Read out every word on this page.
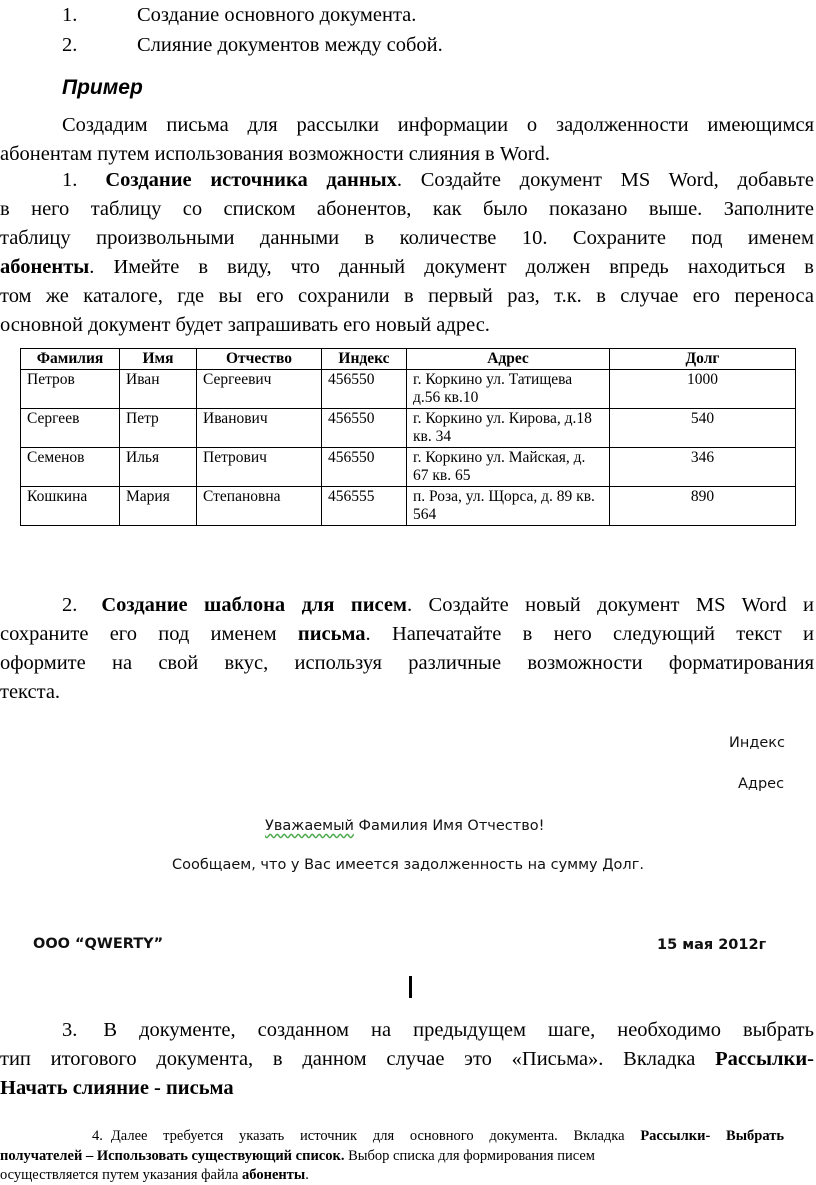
1.	Создание основного документа.
2.	Слияние документов между собой.
Пример
Создадим письма для рассылки информации о задолженности имеющимся
абонентам путем использования возможности слияния в Word.
1. Создание источника данных. Создайте документ MS Word, добавьте
в него таблицу со списком абонентов, как было показано выше. Заполните
таблицу произвольными данными в количестве 10. Сохраните под именем
абоненты. Имейте в виду, что данный документ должен впредь находиться в
том же каталоге, где вы его сохранили в первый раз, т.к. в случае его переноса
основной документ будет запрашивать его новый адрес.
Фамилия	Имя	Отчество	Индекс	Адрес	Долг
Петров	Иван	Сергеевич	456550	г. Коркино ул. Татищева д.56 кв.10	1000
Сергеев	Петр	Иванович	456550	г. Коркино ул. Кирова, д.18 кв. 34	540
Семенов	Илья	Петрович	456550	г. Коркино ул. Майская, д. 67 кв. 65	346
Кошкина	Мария	Степановна	456555	п. Роза, ул. Щорса, д. 89 кв. 564	890
2. Создание шаблона для писем. Создайте новый документ MS Word и
сохраните его под именем письма. Напечатайте в него следующий текст и
оформите на свой вкус, используя различные возможности форматирования
текста.
Индекс
Адрес
Уважаемый Фамилия Имя Отчество!
Сообщаем, что у Вас имеется задолженность на сумму Долг.
ООО “QWERTY”	15 мая 2012г
3. В документе, созданном на предыдущем шаге, необходимо выбрать
тип итогового документа, в данном случае это «Письма». Вкладка Рассылки-
Начать слияние - письма
4. Далее требуется указать источник для основного документа. Вкладка Рассылки- Выбрать
получателей – Использовать существующий список. Выбор списка для формирования писем
осуществляется путем указания файла абоненты.
